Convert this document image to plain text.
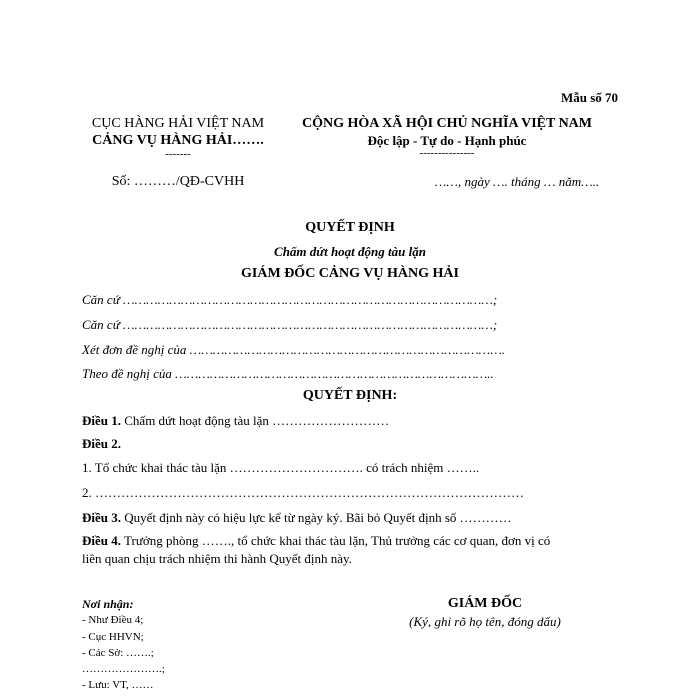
Mẫu số 70
CỤC HÀNG HẢI VIỆT NAM
CẢNG VỤ HÀNG HẢI…….
-------
Số: ………/QĐ-CVHH
CỘNG HÒA XÃ HỘI CHỦ NGHĨA VIỆT NAM
Độc lập - Tự do - Hạnh phúc
---------------
……, ngày …. tháng … năm…..
QUYẾT ĐỊNH
Chấm dứt hoạt động tàu lặn
GIÁM ĐỐC CẢNG VỤ HÀNG HẢI
Căn cứ ……………………………………………………………………………………;
Căn cứ ……………………………………………………………………………………;
Xét đơn đề nghị của ……………………………………………………………………….
Theo đề nghị của ………………………………………………………………………..
QUYẾT ĐỊNH:
Điều 1. Chấm dứt hoạt động tàu lặn ………………………
Điều 2.
1. Tổ chức khai thác tàu lặn …………………………. có trách nhiệm ……..
2. ………………………………………………………………………………………
Điều 3. Quyết định này có hiệu lực kể từ ngày ký. Bãi bỏ Quyết định số …………
Điều 4. Trưởng phòng ……., tổ chức khai thác tàu lặn, Thủ trưởng các cơ quan, đơn vị có
liên quan chịu trách nhiệm thi hành Quyết định này.
Nơi nhận:
- Như Điều 4;
- Cục HHVN;
- Các Sở: …….;
………………….;
- Lưu: VT, ……
GIÁM ĐỐC
(Ký, ghi rõ họ tên, đóng dấu)
